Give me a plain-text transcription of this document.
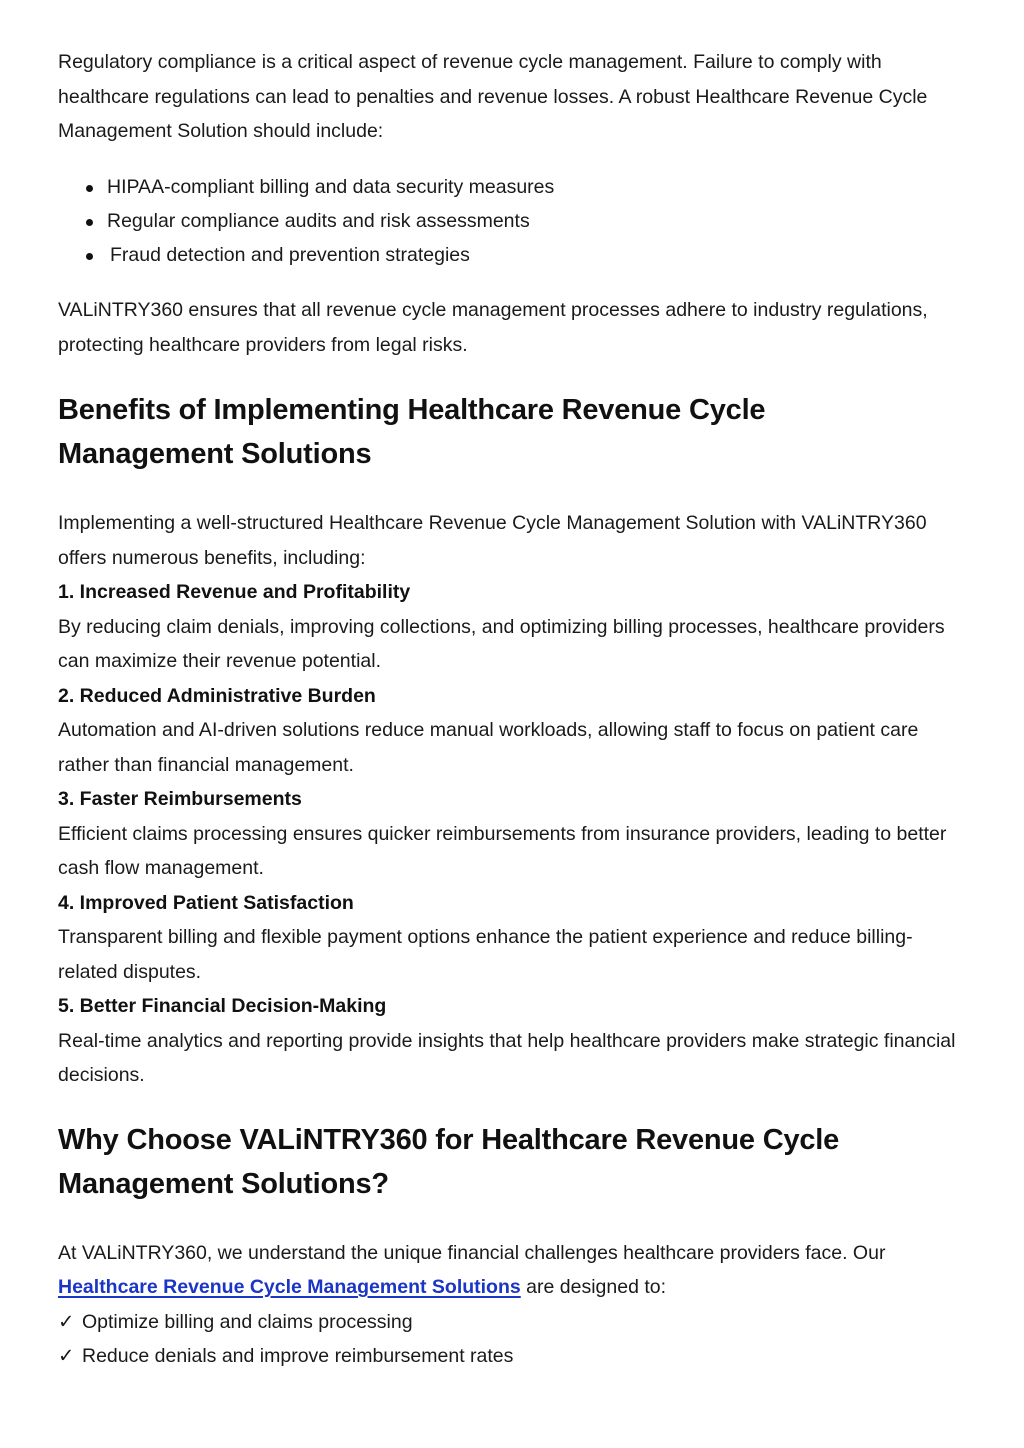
Regulatory compliance is a critical aspect of revenue cycle management. Failure to comply with healthcare regulations can lead to penalties and revenue losses. A robust Healthcare Revenue Cycle Management Solution should include:

HIPAA-compliant billing and data security measures
Regular compliance audits and risk assessments
Fraud detection and prevention strategies

VALiNTRY360 ensures that all revenue cycle management processes adhere to industry regulations, protecting healthcare providers from legal risks.

Benefits of Implementing Healthcare Revenue Cycle
Management Solutions

Implementing a well-structured Healthcare Revenue Cycle Management Solution with VALiNTRY360 offers numerous benefits, including:

1. Increased Revenue and Profitability

By reducing claim denials, improving collections, and optimizing billing processes, healthcare providers can maximize their revenue potential.

2. Reduced Administrative Burden

Automation and AI-driven solutions reduce manual workloads, allowing staff to focus on patient care rather than financial management.

3. Faster Reimbursements

Efficient claims processing ensures quicker reimbursements from insurance providers, leading to better cash flow management.

4. Improved Patient Satisfaction

Transparent billing and flexible payment options enhance the patient experience and reduce billing-related disputes.

5. Better Financial Decision-Making

Real-time analytics and reporting provide insights that help healthcare providers make strategic financial decisions.

Why Choose VALiNTRY360 for Healthcare Revenue Cycle
Management Solutions?

At VALiNTRY360, we understand the unique financial challenges healthcare providers face. Our Healthcare Revenue Cycle Management Solutions are designed to:

✓ Optimize billing and claims processing
✓ Reduce denials and improve reimbursement rates
